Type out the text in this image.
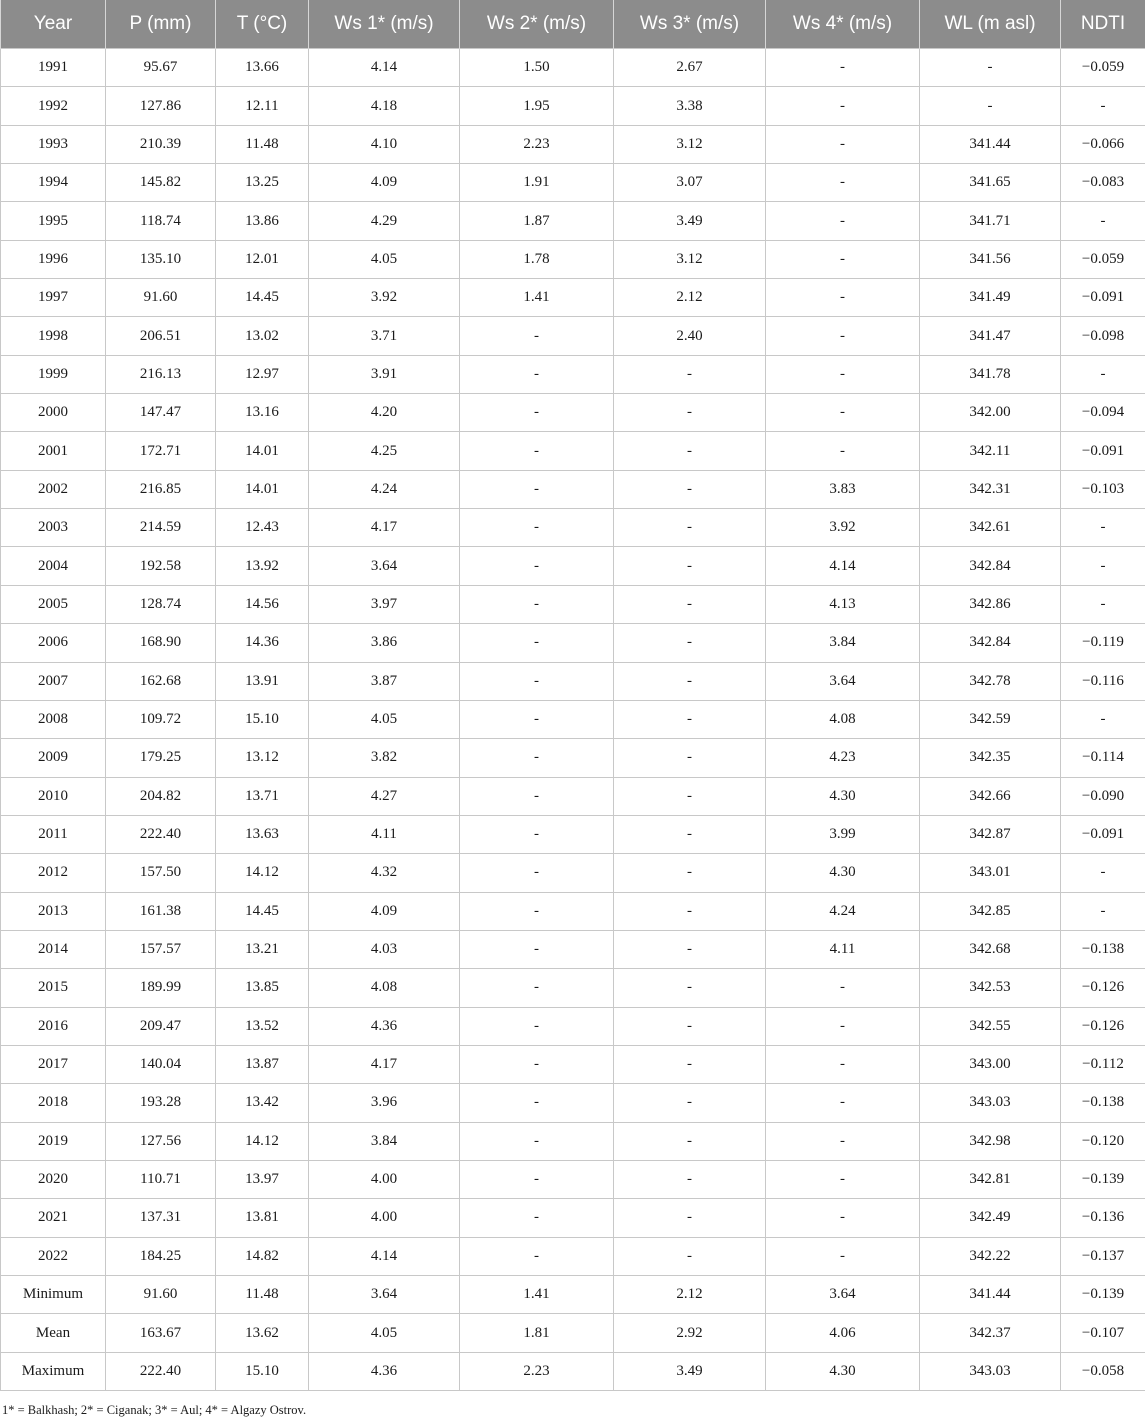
Year	P (mm)	T (°C)	Ws 1* (m/s)	Ws 2* (m/s)	Ws 3* (m/s)	Ws 4* (m/s)	WL (m asl)	NDTI
1991	95.67	13.66	4.14	1.50	2.67	-	-	−0.059
1992	127.86	12.11	4.18	1.95	3.38	-	-	-
1993	210.39	11.48	4.10	2.23	3.12	-	341.44	−0.066
1994	145.82	13.25	4.09	1.91	3.07	-	341.65	−0.083
1995	118.74	13.86	4.29	1.87	3.49	-	341.71	-
1996	135.10	12.01	4.05	1.78	3.12	-	341.56	−0.059
1997	91.60	14.45	3.92	1.41	2.12	-	341.49	−0.091
1998	206.51	13.02	3.71	-	2.40	-	341.47	−0.098
1999	216.13	12.97	3.91	-	-	-	341.78	-
2000	147.47	13.16	4.20	-	-	-	342.00	−0.094
2001	172.71	14.01	4.25	-	-	-	342.11	−0.091
2002	216.85	14.01	4.24	-	-	3.83	342.31	−0.103
2003	214.59	12.43	4.17	-	-	3.92	342.61	-
2004	192.58	13.92	3.64	-	-	4.14	342.84	-
2005	128.74	14.56	3.97	-	-	4.13	342.86	-
2006	168.90	14.36	3.86	-	-	3.84	342.84	−0.119
2007	162.68	13.91	3.87	-	-	3.64	342.78	−0.116
2008	109.72	15.10	4.05	-	-	4.08	342.59	-
2009	179.25	13.12	3.82	-	-	4.23	342.35	−0.114
2010	204.82	13.71	4.27	-	-	4.30	342.66	−0.090
2011	222.40	13.63	4.11	-	-	3.99	342.87	−0.091
2012	157.50	14.12	4.32	-	-	4.30	343.01	-
2013	161.38	14.45	4.09	-	-	4.24	342.85	-
2014	157.57	13.21	4.03	-	-	4.11	342.68	−0.138
2015	189.99	13.85	4.08	-	-	-	342.53	−0.126
2016	209.47	13.52	4.36	-	-	-	342.55	−0.126
2017	140.04	13.87	4.17	-	-	-	343.00	−0.112
2018	193.28	13.42	3.96	-	-	-	343.03	−0.138
2019	127.56	14.12	3.84	-	-	-	342.98	−0.120
2020	110.71	13.97	4.00	-	-	-	342.81	−0.139
2021	137.31	13.81	4.00	-	-	-	342.49	−0.136
2022	184.25	14.82	4.14	-	-	-	342.22	−0.137
Minimum	91.60	11.48	3.64	1.41	2.12	3.64	341.44	−0.139
Mean	163.67	13.62	4.05	1.81	2.92	4.06	342.37	−0.107
Maximum	222.40	15.10	4.36	2.23	3.49	4.30	343.03	−0.058
1* = Balkhash; 2* = Ciganak; 3* = Aul; 4* = Algazy Ostrov.
